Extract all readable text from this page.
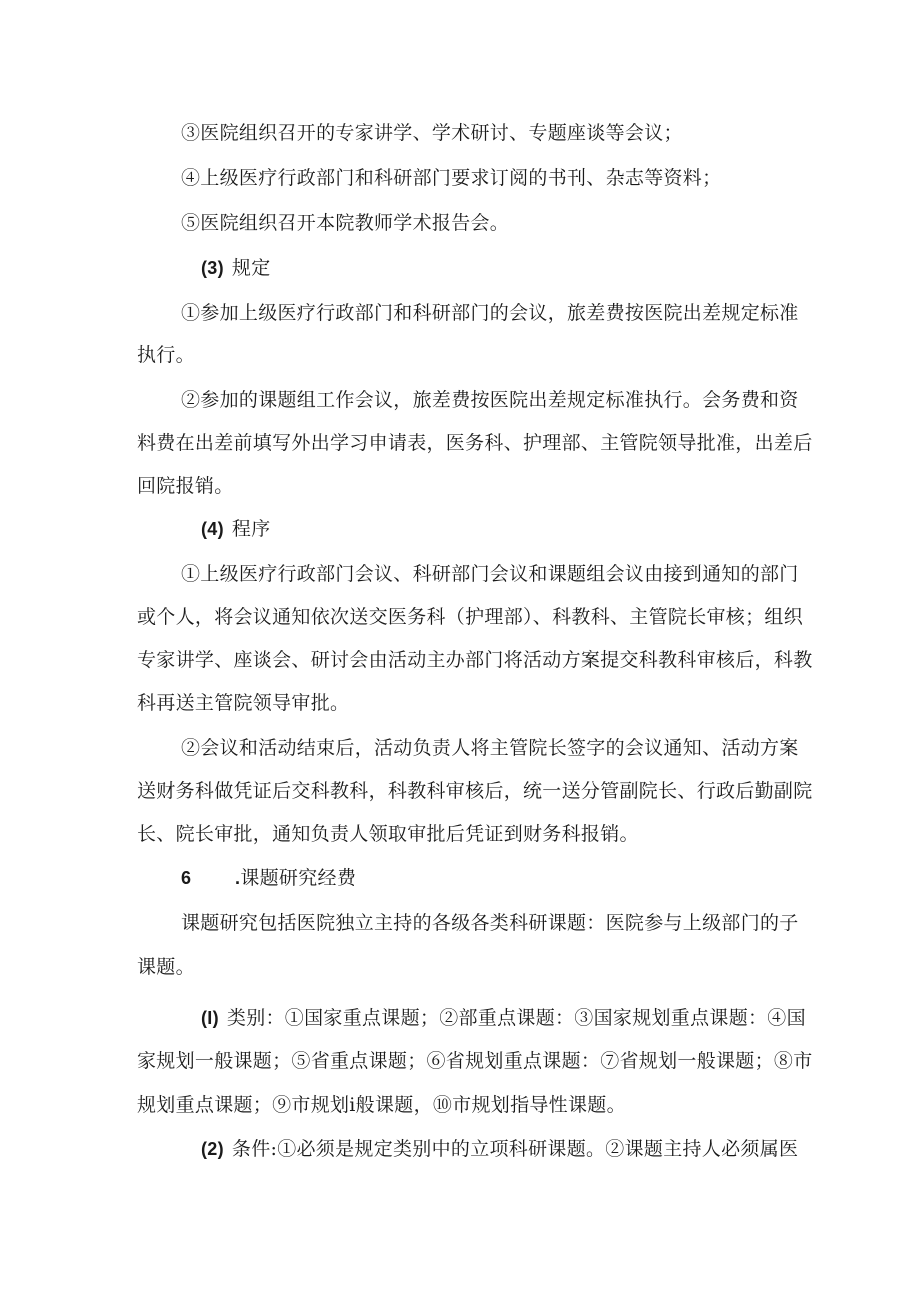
③医院组织召开的专家讲学、学术研讨、专题座谈等会议；
④上级医疗行政部门和科研部门要求订阅的书刊、杂志等资料；
⑤医院组织召开本院教师学术报告会。
(3) 规定
①参加上级医疗行政部门和科研部门的会议，旅差费按医院出差规定标准
执行。
②参加的课题组工作会议，旅差费按医院出差规定标准执行。会务费和资
料费在出差前填写外出学习申请表，医务科、护理部、主管院领导批准，出差后
回院报销。
(4) 程序
①上级医疗行政部门会议、科研部门会议和课题组会议由接到通知的部门
或个人，将会议通知依次送交医务科（护理部）、科教科、主管院长审核；组织
专家讲学、座谈会、研讨会由活动主办部门将活动方案提交科教科审核后，科教
科再送主管院领导审批。
②会议和活动结束后，活动负责人将主管院长签字的会议通知、活动方案
送财务科做凭证后交科教科，科教科审核后，统一送分管副院长、行政后勤副院
长、院长审批，通知负责人领取审批后凭证到财务科报销。
6 .课题研究经费
课题研究包括医院独立主持的各级各类科研课题：医院参与上级部门的子
课题。
(I) 类别：①国家重点课题；②部重点课题：③国家规划重点课题：④国
家规划一般课题；⑤省重点课题；⑥省规划重点课题：⑦省规划一般课题；⑧市
规划重点课题；⑨市规划i般课题，⑩市规划指导性课题。
(2) 条件:①必须是规定类别中的立项科研课题。②课题主持人必须属医
